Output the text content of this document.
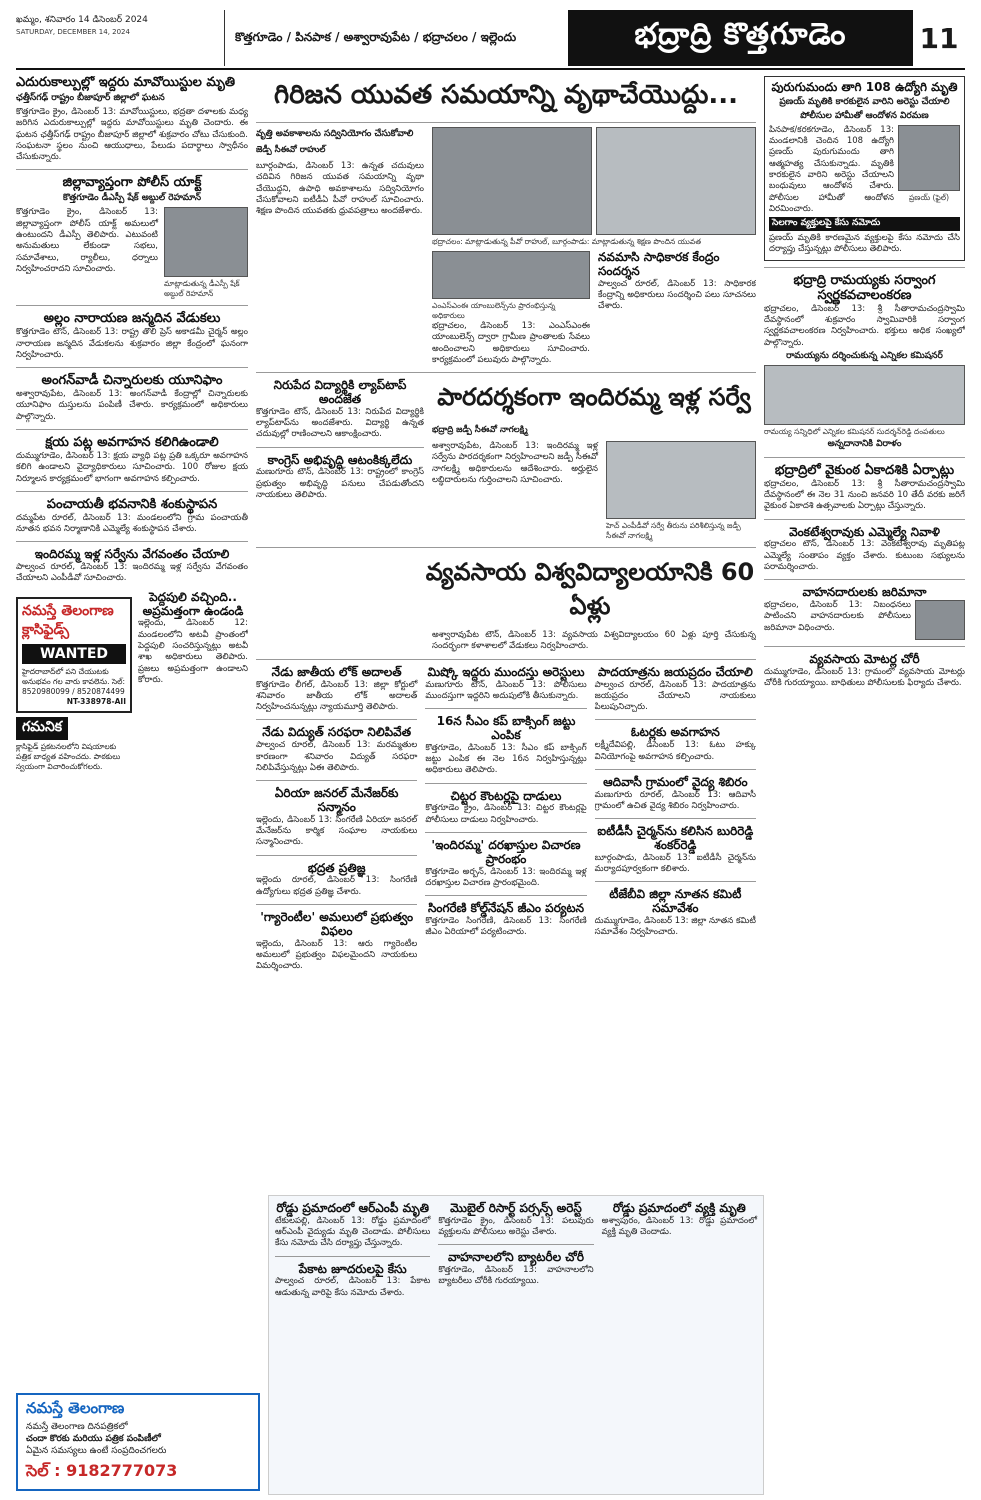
ఖమ్మం, శనివారం 14 డిసెంబర్ 2024
SATURDAY, DECEMBER 14, 2024	కొత్తగూడెం / పినపాక / అశ్వారావుపేట / భద్రాచలం / ఇల్లెందు	భద్రాద్రి కొత్తగూడెం	11
ఎదురుకాల్పుల్లో ఇద్దరు మావోయిస్టుల మృతి
ఛత్తీస్‌గఢ్ రాష్ట్రం బీజాపూర్ జిల్లాలో ఘటన
కొత్తగూడెం క్రైం, డిసెంబర్ 13: మావోయిస్టులు, భద్రతా దళాలకు మధ్య జరిగిన ఎదురుకాల్పుల్లో ఇద్దరు మావోయిస్టులు మృతి చెందారు. ఈ ఘటన ఛత్తీస్‌గఢ్ రాష్ట్రం బీజాపూర్ జిల్లాలో శుక్రవారం చోటు చేసుకుంది. సంఘటనా స్థలం నుంచి ఆయుధాలు, పేలుడు పదార్థాలు స్వాధీనం చేసుకున్నారు.
జిల్లావ్యాప్తంగా పోలీస్ యాక్ట్
కొత్తగూడెం డీఎస్పీ షేక్ అబ్దుల్ రెహమాన్
కొత్తగూడెం క్రైం, డిసెంబర్ 13: జిల్లావ్యాప్తంగా పోలీస్ యాక్ట్ అమలులో ఉంటుందని డీఎస్పీ తెలిపారు. ఎటువంటి అనుమతులు లేకుండా సభలు, సమావేశాలు, ర్యాలీలు, ధర్నాలు నిర్వహించరాదని సూచించారు.
మాట్లాడుతున్న డీఎస్పీ షేక్ అబ్దుల్ రెహమాన్
అల్లం నారాయణ జన్మదిన వేడుకలు
కొత్తగూడెం టౌన్, డిసెంబర్ 13: రాష్ట్ర తొలి ప్రెస్ అకాడమీ చైర్మన్ అల్లం నారాయణ జన్మదిన వేడుకలను శుక్రవారం జిల్లా కేంద్రంలో ఘనంగా నిర్వహించారు.
అంగన్‌వాడీ చిన్నారులకు యూనిఫాం
అశ్వారావుపేట, డిసెంబర్ 13: అంగన్‌వాడీ కేంద్రాల్లో చిన్నారులకు యూనిఫాం దుస్తులను పంపిణీ చేశారు. కార్యక్రమంలో అధికారులు పాల్గొన్నారు.
క్షయ పట్ల అవగాహన కలిగిఉండాలి
దుమ్ముగూడెం, డిసెంబర్ 13: క్షయ వ్యాధి పట్ల ప్రతి ఒక్కరూ అవగాహన కలిగి ఉండాలని వైద్యాధికారులు సూచించారు. 100 రోజుల క్షయ నిర్మూలన కార్యక్రమంలో భాగంగా అవగాహన కల్పించారు.
పంచాయతీ భవనానికి శంకుస్థాపన
దమ్మపేట రూరల్, డిసెంబర్ 13: మండలంలోని గ్రామ పంచాయతీ నూతన భవన నిర్మాణానికి ఎమ్మెల్యే శంకుస్థాపన చేశారు.
ఇందిరమ్మ ఇళ్ల సర్వేను వేగవంతం చేయాలి
పాల్వంచ రూరల్, డిసెంబర్ 13: ఇందిరమ్మ ఇళ్ల సర్వేను వేగవంతం చేయాలని ఎంపీడీవో సూచించారు.
నమస్తే తెలంగాణ క్లాసిఫైడ్స్
WANTED
హైదరాబాద్‌లో పని చేయుటకు అనుభవం గల వారు కావలెను. సెల్: 8520980099 / 8520874499
NT-338978-AII
గమనిక
క్లాసిఫైడ్ ప్రకటనలలోని విషయాలకు పత్రిక బాధ్యత వహించదు. పాఠకులు స్వయంగా విచారించుకోగలరు.
పెద్దపులి వచ్చింది.. అప్రమత్తంగా ఉండండి
ఇల్లెందు, డిసెంబర్ 12: మండలంలోని అటవీ ప్రాంతంలో పెద్దపులి సంచరిస్తున్నట్లు అటవీ శాఖ అధికారులు తెలిపారు. ప్రజలు అప్రమత్తంగా ఉండాలని కోరారు.
గిరిజన యువత సమయాన్ని వృథాచేయొద్దు...
వృత్తి అవకాశాలను సద్వినియోగం చేసుకోవాలి
జెడ్పీ సీఈవో రాహుల్
బూర్గంపాడు, డిసెంబర్ 13: ఉన్నత చదువులు చదివిన గిరిజన యువత సమయాన్ని వృథా చేయొద్దని, ఉపాధి అవకాశాలను సద్వినియోగం చేసుకోవాలని ఐటీడీఏ పీవో రాహుల్ సూచించారు. శిక్షణ పొందిన యువతకు ధ్రువపత్రాలు అందజేశారు.
భద్రాచలం: మాట్లాడుతున్న పీవో రాహుల్, బూర్గంపాడు: మాట్లాడుతున్న శిక్షణ పొందిన యువత
ఎంఎస్ఎంఈ యాంబులెన్స్‌ను ప్రారంభిస్తున్న అధికారులు
భద్రాచలం, డిసెంబర్ 13: ఎంఎస్ఎంఈ యాంబులెన్స్ ద్వారా గ్రామీణ ప్రాంతాలకు సేవలు అందించాలని అధికారులు సూచించారు. కార్యక్రమంలో పలువురు పాల్గొన్నారు.
నవమాసి సాధికారక కేంద్రం సందర్శన
పాల్వంచ రూరల్, డిసెంబర్ 13: సాధికారక కేంద్రాన్ని అధికారులు సందర్శించి పలు సూచనలు చేశారు.
నిరుపేద విద్యార్థికి ల్యాప్‌టాప్ అందజేత
కొత్తగూడెం టౌన్, డిసెంబర్ 13: నిరుపేద విద్యార్థికి ల్యాప్‌టాప్‌ను అందజేశారు. విద్యార్థి ఉన్నత చదువుల్లో రాణించాలని ఆకాంక్షించారు.
కాంగ్రెస్ అభివృద్ధి ఆటంకిక్కలేదు
మణుగూరు టౌన్, డిసెంబర్ 13: రాష్ట్రంలో కాంగ్రెస్ ప్రభుత్వం అభివృద్ధి పనులు చేపడుతోందని నాయకులు తెలిపారు.
పారదర్శకంగా ఇందిరమ్మ ఇళ్ల సర్వే
భద్రాద్రి జడ్పీ సీఈవో నాగలక్ష్మి
అశ్వారావుపేట, డిసెంబర్ 13: ఇందిరమ్మ ఇళ్ల సర్వేను పారదర్శకంగా నిర్వహించాలని జడ్పీ సీఈవో నాగలక్ష్మి అధికారులను ఆదేశించారు. అర్హులైన లబ్ధిదారులను గుర్తించాలని సూచించారు.
హెచ్ ఎంపీడీవో సర్వే తీరును పరిశీలిస్తున్న జడ్పీ సీఈవో నాగలక్ష్మి
వ్యవసాయ విశ్వవిద్యాలయానికి 60 ఏళ్లు
అశ్వారావుపేట టౌన్, డిసెంబర్ 13: వ్యవసాయ విశ్వవిద్యాలయం 60 ఏళ్లు పూర్తి చేసుకున్న సందర్భంగా కళాశాలలో వేడుకలు నిర్వహించారు.
నేడు జాతీయ లోక్ అదాలత్
కొత్తగూడెం లీగల్, డిసెంబర్ 13: జిల్లా కోర్టులో శనివారం జాతీయ లోక్ అదాలత్ నిర్వహించనున్నట్లు న్యాయమూర్తి తెలిపారు.
నేడు విద్యుత్ సరఫరా నిలిపివేత
పాల్వంచ రూరల్, డిసెంబర్ 13: మరమ్మతుల కారణంగా శనివారం విద్యుత్ సరఫరా నిలిపివేస్తున్నట్లు ఏఈ తెలిపారు.
ఏరియా జనరల్ మేనేజర్‌కు సన్మానం
ఇల్లెందు, డిసెంబర్ 13: సింగరేణి ఏరియా జనరల్ మేనేజర్‌ను కార్మిక సంఘాల నాయకులు సన్మానించారు.
భద్రత ప్రతిజ్ఞ
ఇల్లెందు రూరల్, డిసెంబర్ 13: సింగరేణి ఉద్యోగులు భద్రత ప్రతిజ్ఞ చేశారు.
'గ్యారెంటీల' అమలులో ప్రభుత్వం విఫలం
ఇల్లెందు, డిసెంబర్ 13: ఆరు గ్యారెంటీల అమలులో ప్రభుత్వం విఫలమైందని నాయకులు విమర్శించారు.
మిష్కో ఇద్దరు ముందస్తు అరెస్టులు
మణుగూరు టౌన్, డిసెంబర్ 13: పోలీసులు ముందస్తుగా ఇద్దరిని అదుపులోకి తీసుకున్నారు.
16న సీఎం కప్ బాక్సింగ్ జట్టు ఎంపిక
కొత్తగూడెం, డిసెంబర్ 13: సీఎం కప్ బాక్సింగ్ జట్టు ఎంపిక ఈ నెల 16న నిర్వహిస్తున్నట్లు అధికారులు తెలిపారు.
చిట్టర కౌంటర్లపై దాడులు
కొత్తగూడెం క్రైం, డిసెంబర్ 13: చిట్టర కౌంటర్లపై పోలీసులు దాడులు నిర్వహించారు.
'ఇందిరమ్మ' దరఖాస్తుల విచారణ ప్రారంభం
కొత్తగూడెం అర్బన్, డిసెంబర్ 13: ఇందిరమ్మ ఇళ్ల దరఖాస్తుల విచారణ ప్రారంభమైంది.
సింగరేణి కోల్డ్‌నేషన్ జీఎం పర్యటన
కొత్తగూడెం సింగరేణి, డిసెంబర్ 13: సింగరేణి జీఎం ఏరియాలో పర్యటించారు.
పాదయాత్రను జయప్రదం చేయాలి
పాల్వంచ రూరల్, డిసెంబర్ 13: పాదయాత్రను జయప్రదం చేయాలని నాయకులు పిలుపునిచ్చారు.
ఓటర్లకు అవగాహన
లక్ష్మీదేవిపల్లి, డిసెంబర్ 13: ఓటు హక్కు వినియోగంపై అవగాహన కల్పించారు.
ఆదివాసీ గ్రామంలో వైద్య శిబిరం
మణుగూరు రూరల్, డిసెంబర్ 13: ఆదివాసీ గ్రామంలో ఉచిత వైద్య శిబిరం నిర్వహించారు.
ఐటీడీసీ చైర్మన్‌ను కలిసిన బురిరెడ్డి శంకర్‌రెడ్డి
బూర్గంపాడు, డిసెంబర్ 13: ఐటీడీసీ చైర్మన్‌ను మర్యాదపూర్వకంగా కలిశారు.
టీజేబీవి జిల్లా నూతన కమిటీ సమావేశం
దుమ్ముగూడెం, డిసెంబర్ 13: జిల్లా నూతన కమిటీ సమావేశం నిర్వహించారు.
పురుగుమందు తాగి 108 ఉద్యోగి మృతి
ప్రణయ్ మృతికి కారకులైన వారిని అరెస్టు చేయాలి
పోలీసుల హామీతో ఆందోళన విరమణ
పినపాక/కరకగూడెం, డిసెంబర్ 13: మండలానికి చెందిన 108 ఉద్యోగి ప్రణయ్ పురుగుమందు తాగి ఆత్మహత్య చేసుకున్నాడు. మృతికి కారకులైన వారిని అరెస్టు చేయాలని బంధువులు ఆందోళన చేశారు. పోలీసుల హామీతో ఆందోళన విరమించారు.
ప్రణయ్ (ఫైల్)
సెలగాం వ్యక్తులపై కేసు నమోదు
ప్రణయ్ మృతికి కారణమైన వ్యక్తులపై కేసు నమోదు చేసి దర్యాప్తు చేస్తున్నట్లు పోలీసులు తెలిపారు.
భద్రాద్రి రామయ్యకు సర్వాంగ స్వర్ణకవచాలంకరణ
భద్రాచలం, డిసెంబర్ 13: శ్రీ సీతారామచంద్రస్వామి దేవస్థానంలో శుక్రవారం స్వామివారికి సర్వాంగ స్వర్ణకవచాలంకరణ నిర్వహించారు. భక్తులు అధిక సంఖ్యలో పాల్గొన్నారు.
రామయ్యను దర్శించుకున్న ఎన్నికల కమిషనర్
రామయ్య సన్నిధిలో ఎన్నికల కమిషనర్ సుదర్శన్‌రెడ్డి దంపతులు
అన్నదానానికి విరాళం
భద్రాద్రిలో వైకుంఠ ఏకాదశికి ఏర్పాట్లు
భద్రాచలం, డిసెంబర్ 13: శ్రీ సీతారామచంద్రస్వామి దేవస్థానంలో ఈ నెల 31 నుంచి జనవరి 10 తేదీ వరకు జరిగే వైకుంఠ ఏకాదశి ఉత్సవాలకు ఏర్పాట్లు చేస్తున్నారు.
వెంకటేశ్వరావుకు ఎమ్మెల్యే నివాళి
భద్రాచలం టౌన్, డిసెంబర్ 13: వెంకటేశ్వరావు మృతిపట్ల ఎమ్మెల్యే సంతాపం వ్యక్తం చేశారు. కుటుంబ సభ్యులను పరామర్శించారు.
వాహనదారులకు జరిమానా
భద్రాచలం, డిసెంబర్ 13: నిబంధనలు పాటించని వాహనదారులకు పోలీసులు జరిమానా విధించారు.
వ్యవసాయ మోటర్ల చోరీ
దుమ్ముగూడెం, డిసెంబర్ 13: గ్రామంలో వ్యవసాయ మోటర్లు చోరీకి గురయ్యాయి. బాధితులు పోలీసులకు ఫిర్యాదు చేశారు.
రోడ్డు ప్రమాదంలో ఆర్ఎంపీ మృతి
టేకులపల్లి, డిసెంబర్ 13: రోడ్డు ప్రమాదంలో ఆర్ఎంపీ వైద్యుడు మృతి చెందాడు. పోలీసులు కేసు నమోదు చేసి దర్యాప్తు చేస్తున్నారు.
పేకాట జూదరులపై కేసు
పాల్వంచ రూరల్, డిసెంబర్ 13: పేకాట ఆడుతున్న వారిపై కేసు నమోదు చేశారు.
మొబైల్ రిసార్ట్ పర్సన్స్ అరెస్ట్
కొత్తగూడెం క్రైం, డిసెంబర్ 13: పలువురు వ్యక్తులను పోలీసులు అరెస్టు చేశారు.
వాహనాలలోని బ్యాటరీల చోరీ
కొత్తగూడెం, డిసెంబర్ 13: వాహనాలలోని బ్యాటరీలు చోరీకి గురయ్యాయి.
రోడ్డు ప్రమాదంలో వ్యక్తి మృతి
అశ్వాపురం, డిసెంబర్ 13: రోడ్డు ప్రమాదంలో వ్యక్తి మృతి చెందాడు.
నమస్తే తెలంగాణ
నమస్తే తెలంగాణ దినపత్రికలో
చందా కొరకు మరియు పత్రిక పంపిణీలో
ఏమైన సమస్యలు ఉంటే సంప్రదించగలరు
సెల్ : 9182777073
